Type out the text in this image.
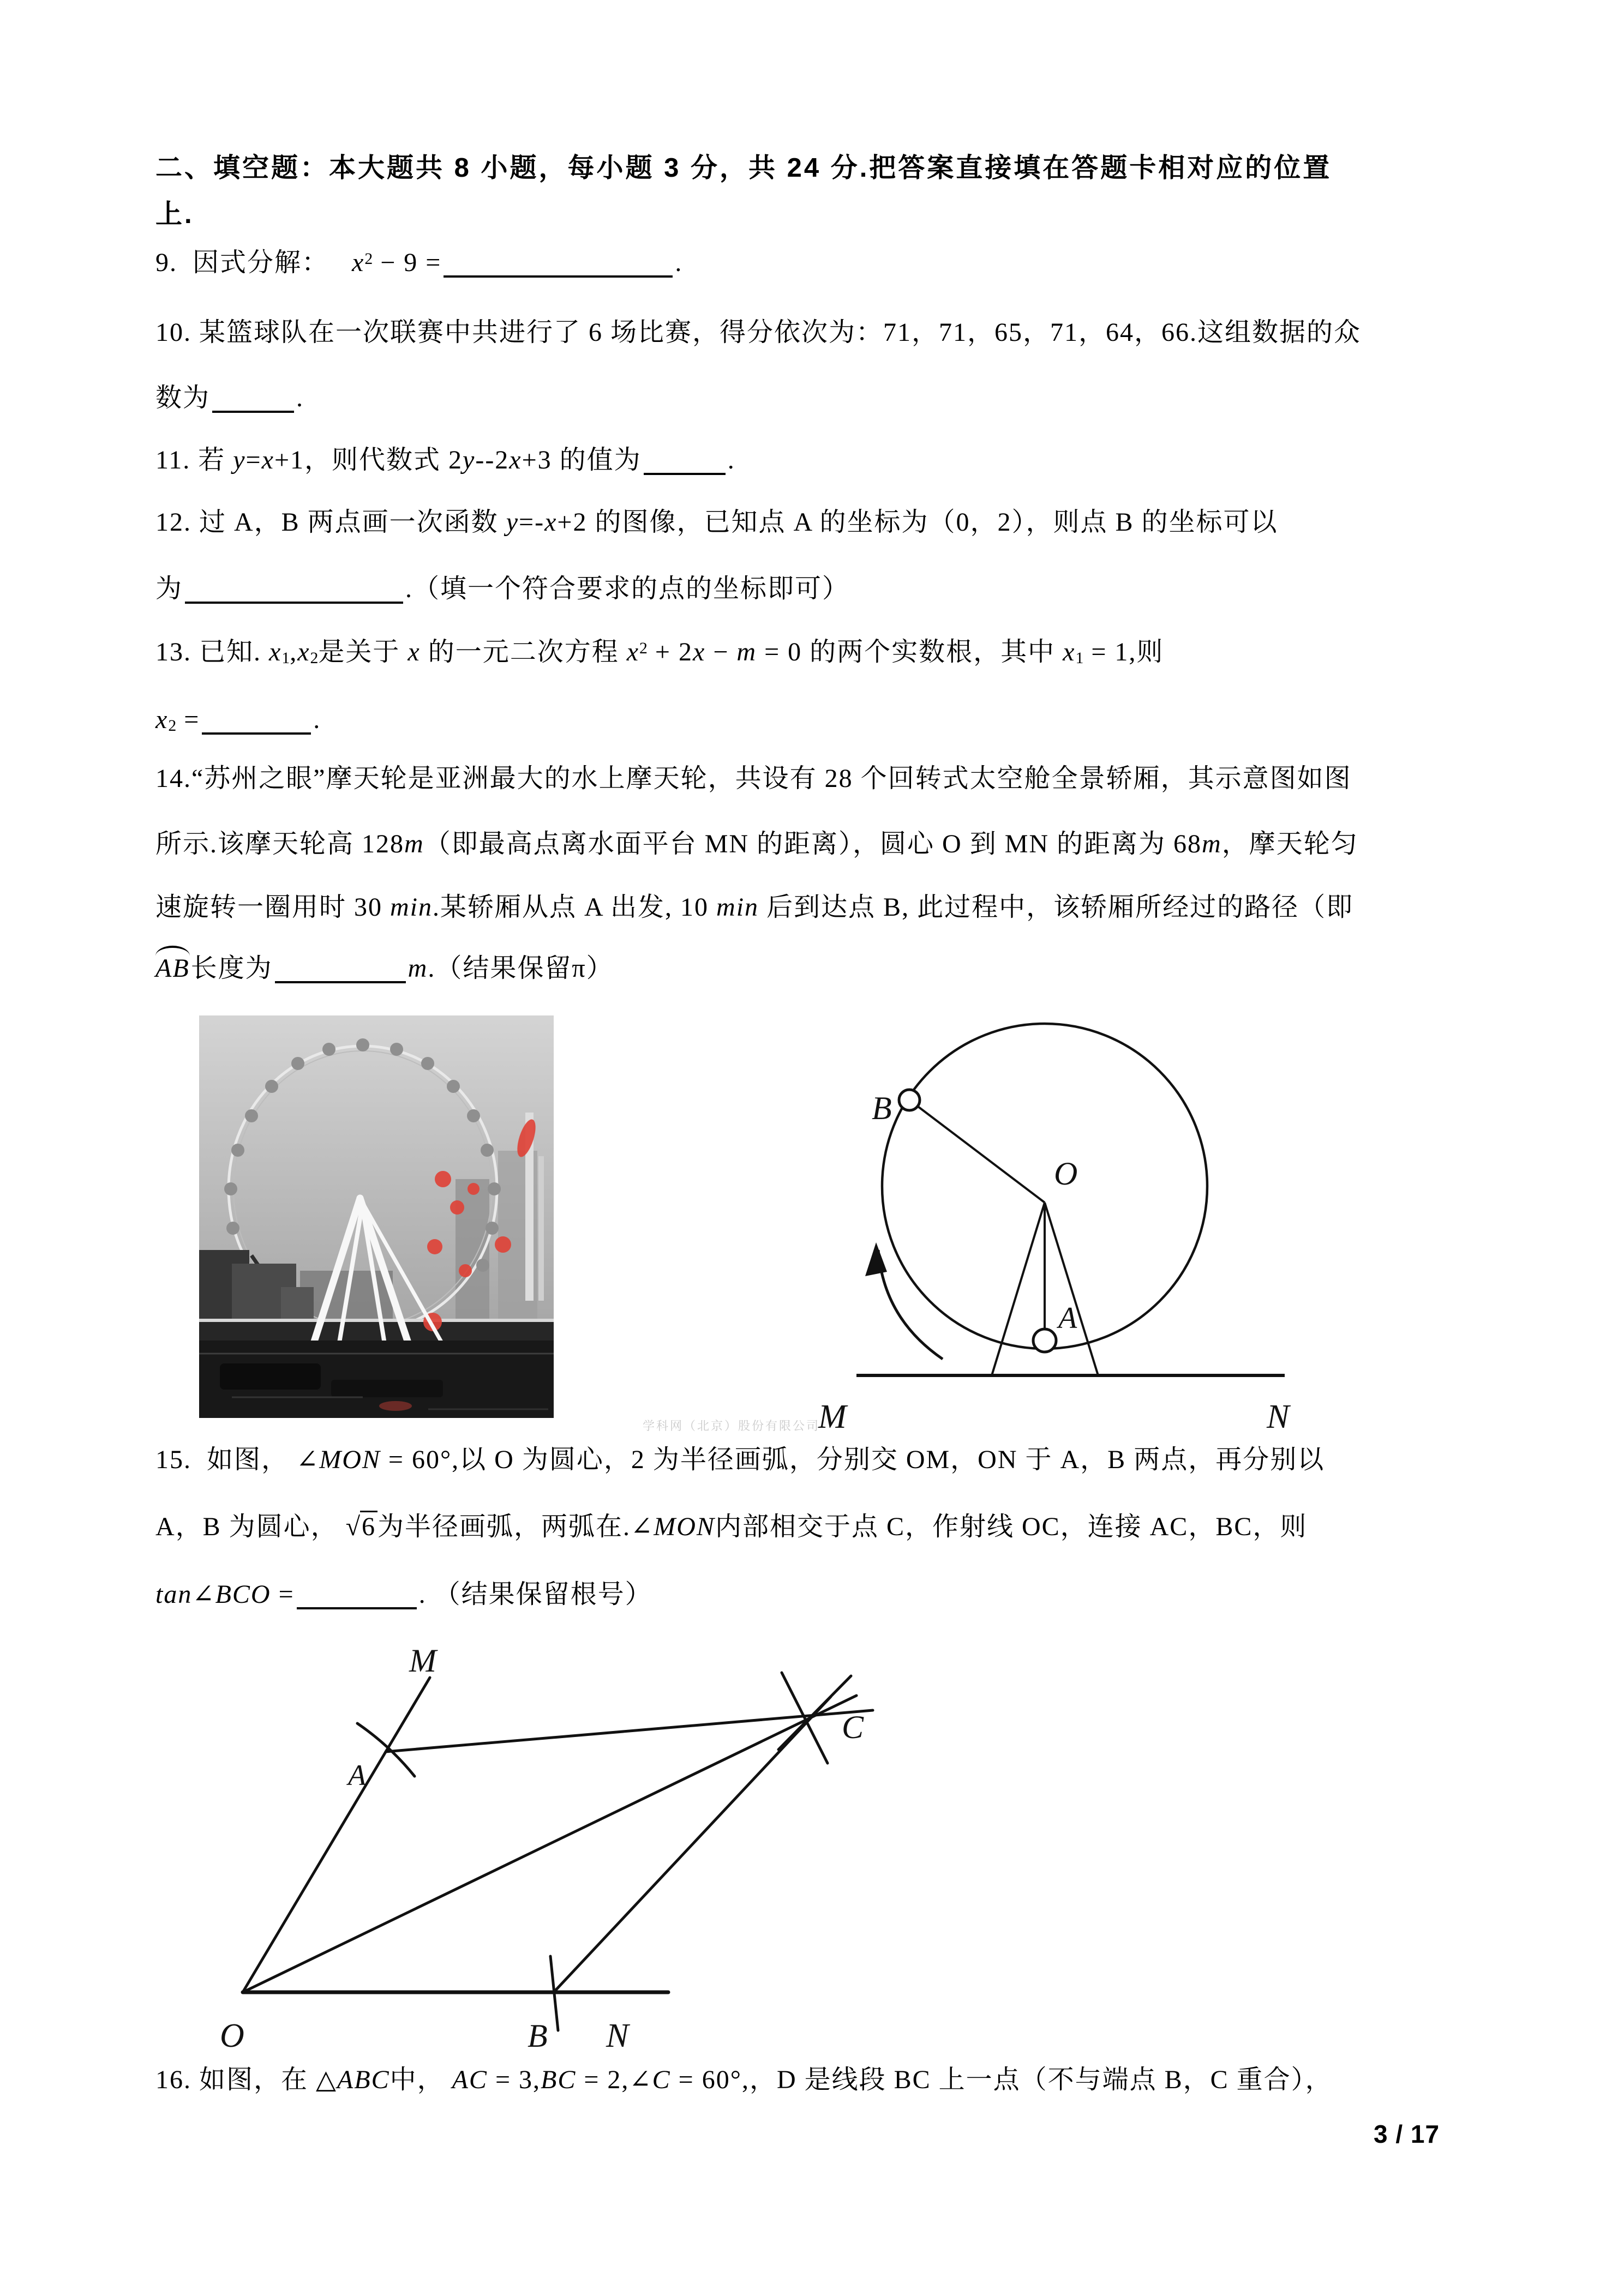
二、填空题：本大题共 8 小题，每小题 3 分，共 24 分.把答案直接填在答题卡相对应的位置
上.
9.  因式分解：   $x^2 - 9$ =	.
10. 某篮球队在一次联赛中共进行了 6 场比赛，得分依次为：71，71，65，71，64，66.这组数据的众
数为	.
11. 若 y=x+1，则代数式 2y--2x+3 的值为	.
12. 过 A，B 两点画一次函数 y=-x+2 的图像，已知点 A 的坐标为（0，2），则点 B 的坐标可以
为	.（填一个符合要求的点的坐标即可）
13. 已知. $x_1,x_2$是关于 x 的一元二次方程 $x^2 + 2x - m = 0$ 的两个实数根，其中 $x_1 = 1$,则
$x_2$ =	.
14.“苏州之眼”摩天轮是亚洲最大的水上摩天轮，共设有 28 个回转式太空舱全景轿厢，其示意图如图
所示.该摩天轮高 128m（即最高点离水面平台 MN 的距离），圆心 O 到 MN 的距离为 68m，摩天轮匀
速旋转一圈用时 30 min.某轿厢从点 A 出发, 10 min 后到达点 B, 此过程中，该轿厢所经过的路径（即
AB长度为	m.（结果保留π）
B
O
A
M	N
15.  如图， ∠MON = 60°,以 O 为圆心，2 为半径画弧，分别交 OM，ON 于 A，B 两点，再分别以
A，B 为圆心， √6为半径画弧，两弧在.∠MON内部相交于点 C，作射线 OC，连接 AC，BC，则
tan∠BCO =	. （结果保留根号）
M
A
C
O	B N
16. 如图，在 △ABC中， AC = 3,BC = 2,∠C = 60°,，D 是线段 BC 上一点（不与端点 B，C 重合），
学科网（北京）股份有限公司
3 / 17
